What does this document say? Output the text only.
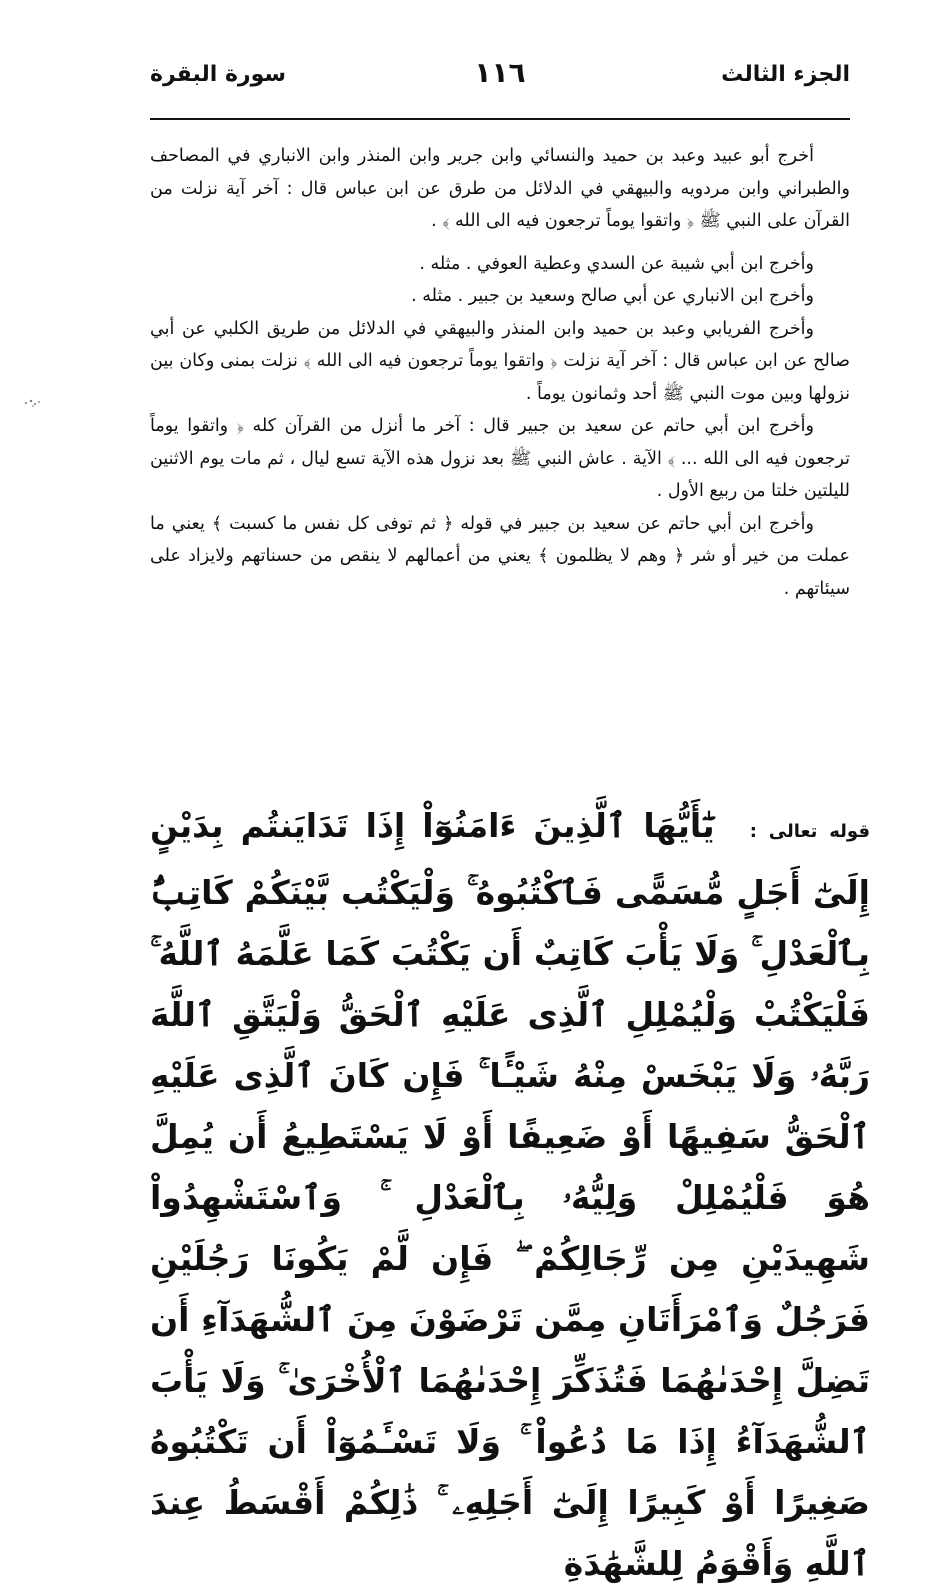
الجزء الثالث
١١٦
سورة البقرة

أخرج أبو عبيد وعبد بن حميد والنسائي وابن جرير وابن المنذر وابن الانباري في المصاحف والطبراني وابن مردويه والبيهقي في الدلائل من طرق عن ابن عباس قال : آخر آية نزلت من القرآن على النبي ﷺ ﴿ واتقوا يوماً ترجعون فيه الى الله ﴾ .

وأخرج ابن أبي شيبة عن السدي وعطية العوفي . مثله .

وأخرج ابن الانباري عن أبي صالح وسعيد بن جبير . مثله .

وأخرج الفريابي وعبد بن حميد وابن المنذر والبيهقي في الدلائل من طريق الكلبي عن أبي صالح عن ابن عباس قال : آخر آية نزلت ﴿ واتقوا يوماً ترجعون فيه الى الله ﴾ نزلت بمنى وكان بين نزولها وبين موت النبي ﷺ أحد وثمانون يوماً .

وأخرج ابن أبي حاتم عن سعيد بن جبير قال : آخر ما أنزل من القرآن كله ﴿ واتقوا يوماً ترجعون فيه الى الله ... ﴾ الآية . عاش النبي ﷺ بعد نزول هذه الآية تسع ليال ، ثم مات يوم الاثنين لليلتين خلتا من ربيع الأول .

وأخرج ابن أبي حاتم عن سعيد بن جبير في قوله ﴿ ثم توفى كل نفس ما كسبت ﴾ يعني ما عملت من خير أو شر ﴿ وهم لا يظلمون ﴾ يعني من أعمالهم لا ينقص من حسناتهم ولايزاد على سيئاتهم .

قوله تعالى : يَٰٓأَيُّهَا ٱلَّذِينَ ءَامَنُوٓاْ إِذَا تَدَايَنتُم بِدَيْنٍ إِلَىٰٓ أَجَلٍ مُّسَمًّى فَٱكْتُبُوهُ ۚ وَلْيَكْتُب بَّيْنَكُمْ كَاتِبٌۢ بِٱلْعَدْلِ ۚ وَلَا يَأْبَ كَاتِبٌ أَن يَكْتُبَ كَمَا عَلَّمَهُ ٱللَّهُ ۚ فَلْيَكْتُبْ وَلْيُمْلِلِ ٱلَّذِى عَلَيْهِ ٱلْحَقُّ وَلْيَتَّقِ ٱللَّهَ رَبَّهُۥ وَلَا يَبْخَسْ مِنْهُ شَيْـًٔا ۚ فَإِن كَانَ ٱلَّذِى عَلَيْهِ ٱلْحَقُّ سَفِيهًا أَوْ ضَعِيفًا أَوْ لَا يَسْتَطِيعُ أَن يُمِلَّ هُوَ فَلْيُمْلِلْ وَلِيُّهُۥ بِٱلْعَدْلِ ۚ وَٱسْتَشْهِدُواْ شَهِيدَيْنِ مِن رِّجَالِكُمْ ۖ فَإِن لَّمْ يَكُونَا رَجُلَيْنِ فَرَجُلٌ وَٱمْرَأَتَانِ مِمَّن تَرْضَوْنَ مِنَ ٱلشُّهَدَآءِ أَن تَضِلَّ إِحْدَىٰهُمَا فَتُذَكِّرَ إِحْدَىٰهُمَا ٱلْأُخْرَىٰ ۚ وَلَا يَأْبَ ٱلشُّهَدَآءُ إِذَا مَا دُعُواْ ۚ وَلَا تَسْـَٔمُوٓاْ أَن تَكْتُبُوهُ صَغِيرًا أَوْ كَبِيرًا إِلَىٰٓ أَجَلِهِۦ ۚ ذَٰلِكُمْ أَقْسَطُ عِندَ ٱللَّهِ وَأَقْوَمُ لِلشَّهَٰدَةِ
